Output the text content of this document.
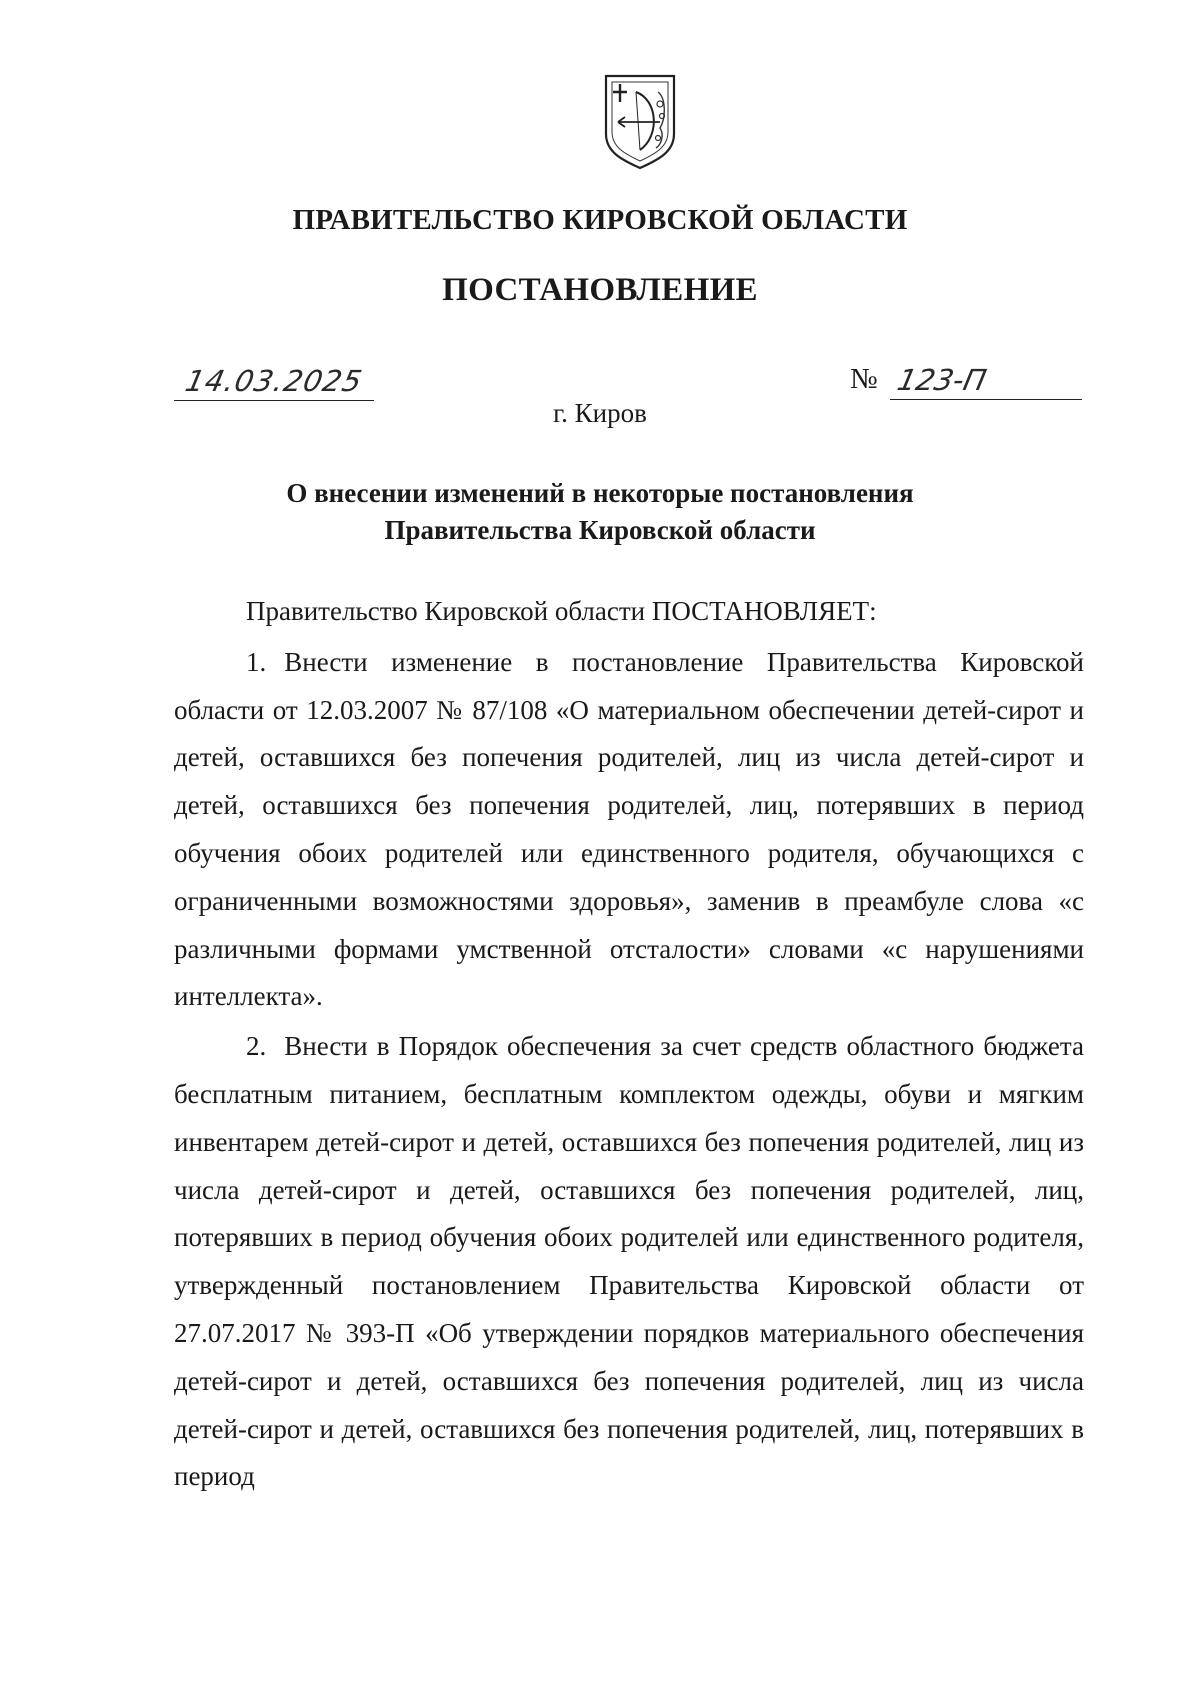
ПРАВИТЕЛЬСТВО КИРОВСКОЙ ОБЛАСТИ
ПОСТАНОВЛЕНИЕ
14.03.2025	№ 123-П
г. Киров
О внесении изменений в некоторые постановления
Правительства Кировской области

Правительство Кировской области ПОСТАНОВЛЯЕТ:

1. Внести изменение в постановление Правительства Кировской области от 12.03.2007 № 87/108 «О материальном обеспечении детей-сирот и детей, оставшихся без попечения родителей, лиц из числа детей-сирот и детей, оставшихся без попечения родителей, лиц, потерявших в период обучения обоих родителей или единственного родителя, обучающихся с ограниченными возможностями здоровья», заменив в преамбуле слова «с различными формами умственной отсталости» словами «с нарушениями интеллекта».

2. Внести в Порядок обеспечения за счет средств областного бюджета бесплатным питанием, бесплатным комплектом одежды, обуви и мягким инвентарем детей-сирот и детей, оставшихся без попечения родителей, лиц из числа детей-сирот и детей, оставшихся без попечения родителей, лиц, потерявших в период обучения обоих родителей или единственного родителя, утвержденный постановлением Правительства Кировской области от 27.07.2017 № 393-П «Об утверждении порядков материального обеспечения детей-сирот и детей, оставшихся без попечения родителей, лиц из числа детей-сирот и детей, оставшихся без попечения родителей, лиц, потерявших в период
